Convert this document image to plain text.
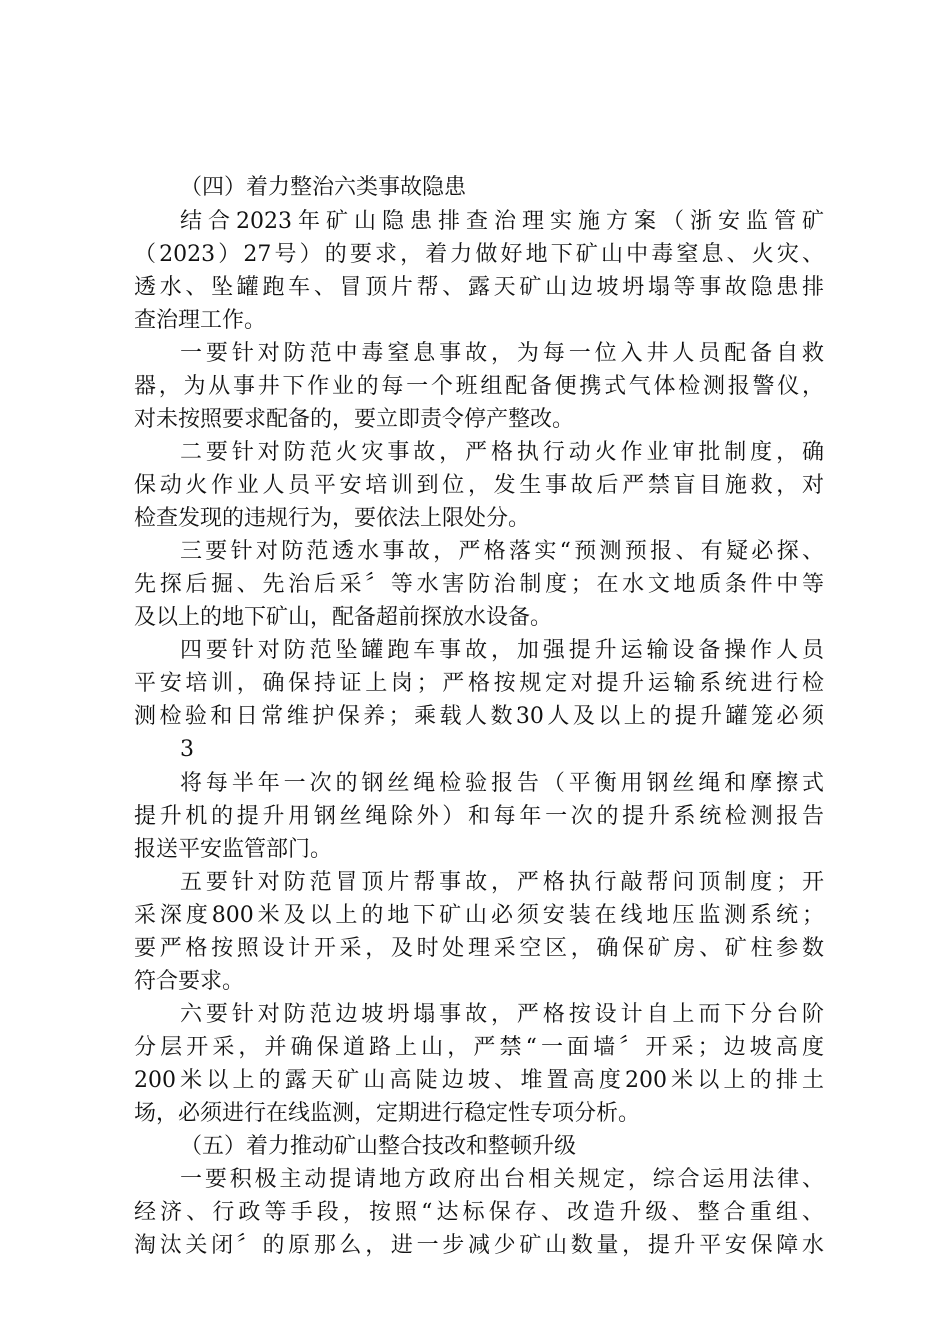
（四）着力整治六类事故隐患
结合2023年矿山隐患排查治理实施方案（浙安监管矿
（2023）27号）的要求，着力做好地下矿山中毒窒息、火灾、
透水、坠罐跑车、冒顶片帮、露天矿山边坡坍塌等事故隐患排
查治理工作。
一要针对防范中毒窒息事故，为每一位入井人员配备自救
器，为从事井下作业的每一个班组配备便携式气体检测报警仪，
对未按照要求配备的，要立即责令停产整改。
二要针对防范火灾事故，严格执行动火作业审批制度，确
保动火作业人员平安培训到位，发生事故后严禁盲目施救，对
检查发现的违规行为，要依法上限处分。
三要针对防范透水事故，严格落实“预测预报、有疑必探、
先探后掘、先治后采〞等水害防治制度；在水文地质条件中等
及以上的地下矿山，配备超前探放水设备。
四要针对防范坠罐跑车事故，加强提升运输设备操作人员
平安培训，确保持证上岗；严格按规定对提升运输系统进行检
测检验和日常维护保养；乘载人数30人及以上的提升罐笼必须
3
将每半年一次的钢丝绳检验报告（平衡用钢丝绳和摩擦式
提升机的提升用钢丝绳除外）和每年一次的提升系统检测报告
报送平安监管部门。
五要针对防范冒顶片帮事故，严格执行敲帮问顶制度；开
采深度800米及以上的地下矿山必须安装在线地压监测系统；
要严格按照设计开采，及时处理采空区，确保矿房、矿柱参数
符合要求。
六要针对防范边坡坍塌事故，严格按设计自上而下分台阶
分层开采，并确保道路上山，严禁“一面墙〞开采；边坡高度
200米以上的露天矿山高陡边坡、堆置高度200米以上的排土
场，必须进行在线监测，定期进行稳定性专项分析。
（五）着力推动矿山整合技改和整顿升级
一要积极主动提请地方政府出台相关规定，综合运用法律、
经济、行政等手段，按照“达标保存、改造升级、整合重组、
淘汰关闭〞的原那么，进一步减少矿山数量，提升平安保障水
